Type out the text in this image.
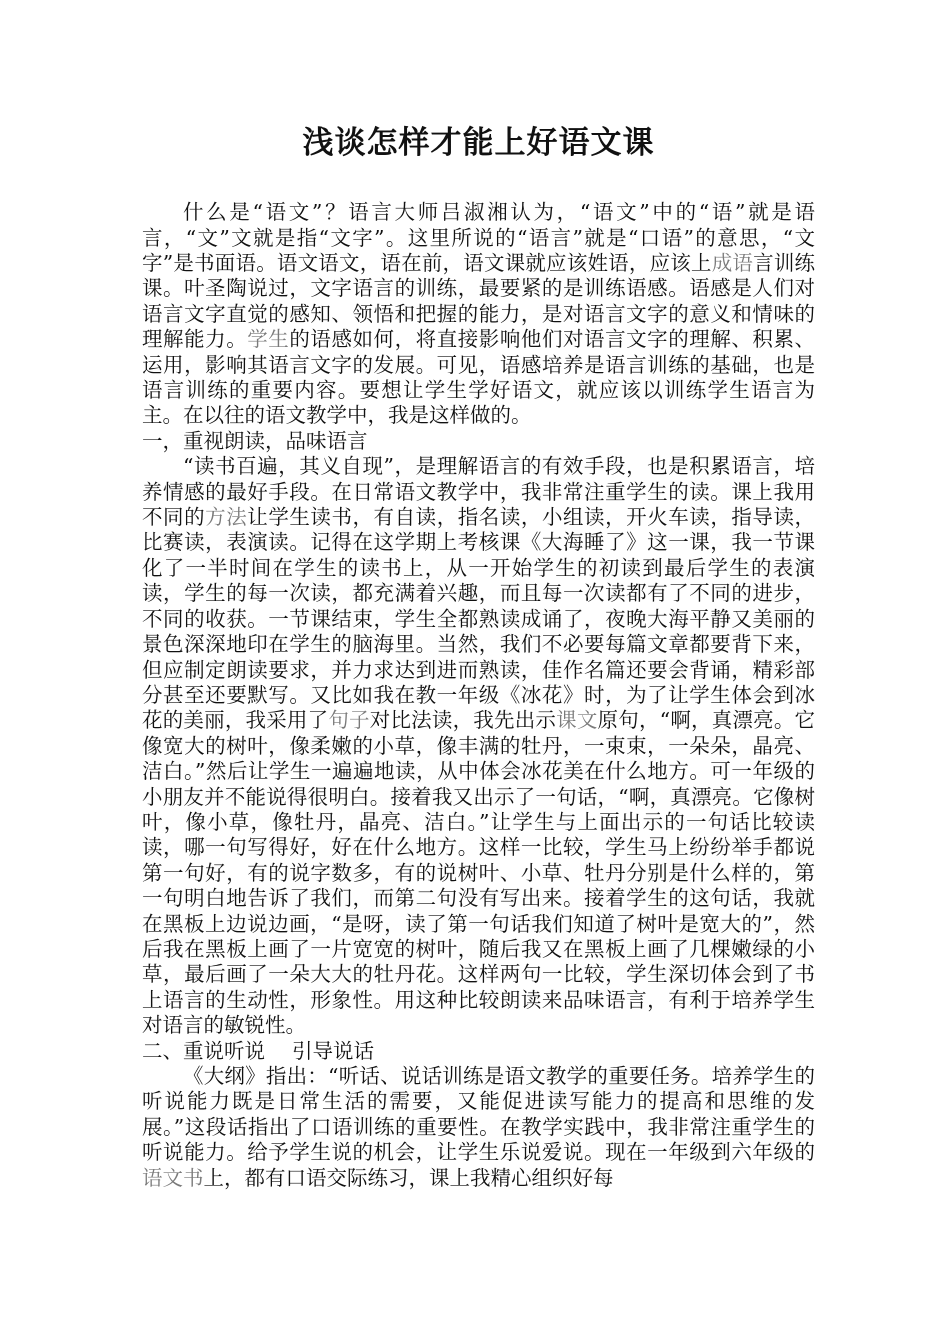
浅谈怎样才能上好语文课

什么是“语文”？语言大师吕淑湘认为，“语文”中的“语”就是语言，“文”文就是指“文字”。这里所说的“语言”就是“口语”的意思，“文字”是书面语。语文语文，语在前，语文课就应该姓语，应该上成语言训练课。叶圣陶说过，文字语言的训练，最要紧的是训练语感。语感是人们对语言文字直觉的感知、领悟和把握的能力，是对语言文字的意义和情味的理解能力。学生的语感如何，将直接影响他们对语言文字的理解、积累、运用，影响其语言文字的发展。可见，语感培养是语言训练的基础，也是语言训练的重要内容。要想让学生学好语文，就应该以训练学生语言为主。在以往的语文教学中，我是这样做的。

一，重视朗读，品味语言

“读书百遍，其义自现”，是理解语言的有效手段，也是积累语言，培养情感的最好手段。在日常语文教学中，我非常注重学生的读。课上我用不同的方法让学生读书，有自读，指名读，小组读，开火车读，指导读，比赛读，表演读。记得在这学期上考核课《大海睡了》这一课，我一节课化了一半时间在学生的读书上，从一开始学生的初读到最后学生的表演读，学生的每一次读，都充满着兴趣，而且每一次读都有了不同的进步，不同的收获。一节课结束，学生全都熟读成诵了，夜晚大海平静又美丽的景色深深地印在学生的脑海里。当然，我们不必要每篇文章都要背下来，但应制定朗读要求，并力求达到进而熟读，佳作名篇还要会背诵，精彩部分甚至还要默写。又比如我在教一年级《冰花》时，为了让学生体会到冰花的美丽，我采用了句子对比法读，我先出示课文原句，“啊，真漂亮。它像宽大的树叶，像柔嫩的小草，像丰满的牡丹，一束束，一朵朵，晶亮、洁白。”然后让学生一遍遍地读，从中体会冰花美在什么地方。可一年级的小朋友并不能说得很明白。接着我又出示了一句话，“啊，真漂亮。它像树叶，像小草，像牡丹，晶亮、洁白。”让学生与上面出示的一句话比较读读，哪一句写得好，好在什么地方。这样一比较，学生马上纷纷举手都说第一句好，有的说字数多，有的说树叶、小草、牡丹分别是什么样的，第一句明白地告诉了我们，而第二句没有写出来。接着学生的这句话，我就在黑板上边说边画，“是呀，读了第一句话我们知道了树叶是宽大的”，然后我在黑板上画了一片宽宽的树叶，随后我又在黑板上画了几棵嫩绿的小草，最后画了一朵大大的牡丹花。这样两句一比较，学生深切体会到了书上语言的生动性，形象性。用这种比较朗读来品味语言，有利于培养学生对语言的敏锐性。

二、重说听说　 引导说话

《大纲》指出：“听话、说话训练是语文教学的重要任务。培养学生的听说能力既是日常生活的需要，又能促进读写能力的提高和思维的发展。”这段话指出了口语训练的重要性。在教学实践中，我非常注重学生的听说能力。给予学生说的机会，让学生乐说爱说。现在一年级到六年级的语文书上，都有口语交际练习，课上我精心组织好每
